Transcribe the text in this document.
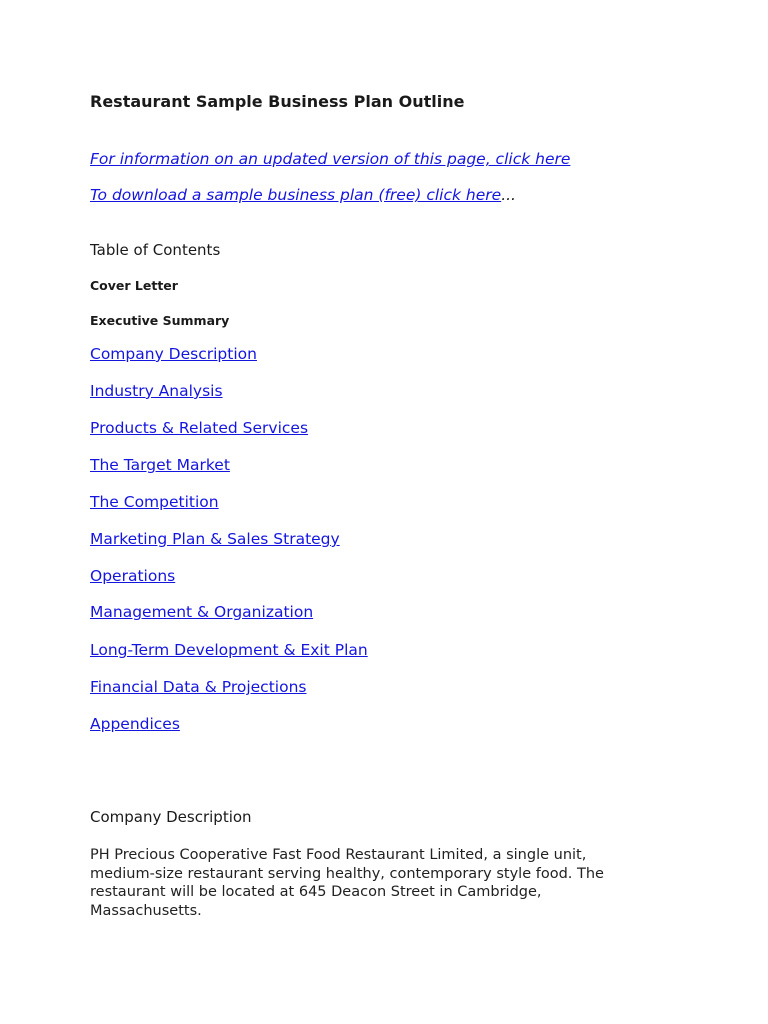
Restaurant Sample Business Plan Outline
For information on an updated version of this page, click here
To download a sample business plan (free) click here...
Table of Contents
Cover Letter
Executive Summary
Company Description
Industry Analysis
Products & Related Services
The Target Market
The Competition
Marketing Plan & Sales Strategy
Operations
Management & Organization
Long-Term Development & Exit Plan
Financial Data & Projections
Appendices
Company Description
PH Precious Cooperative Fast Food Restaurant Limited, a single unit, medium-size restaurant serving healthy, contemporary style food. The restaurant will be located at 645 Deacon Street in Cambridge, Massachusetts.
